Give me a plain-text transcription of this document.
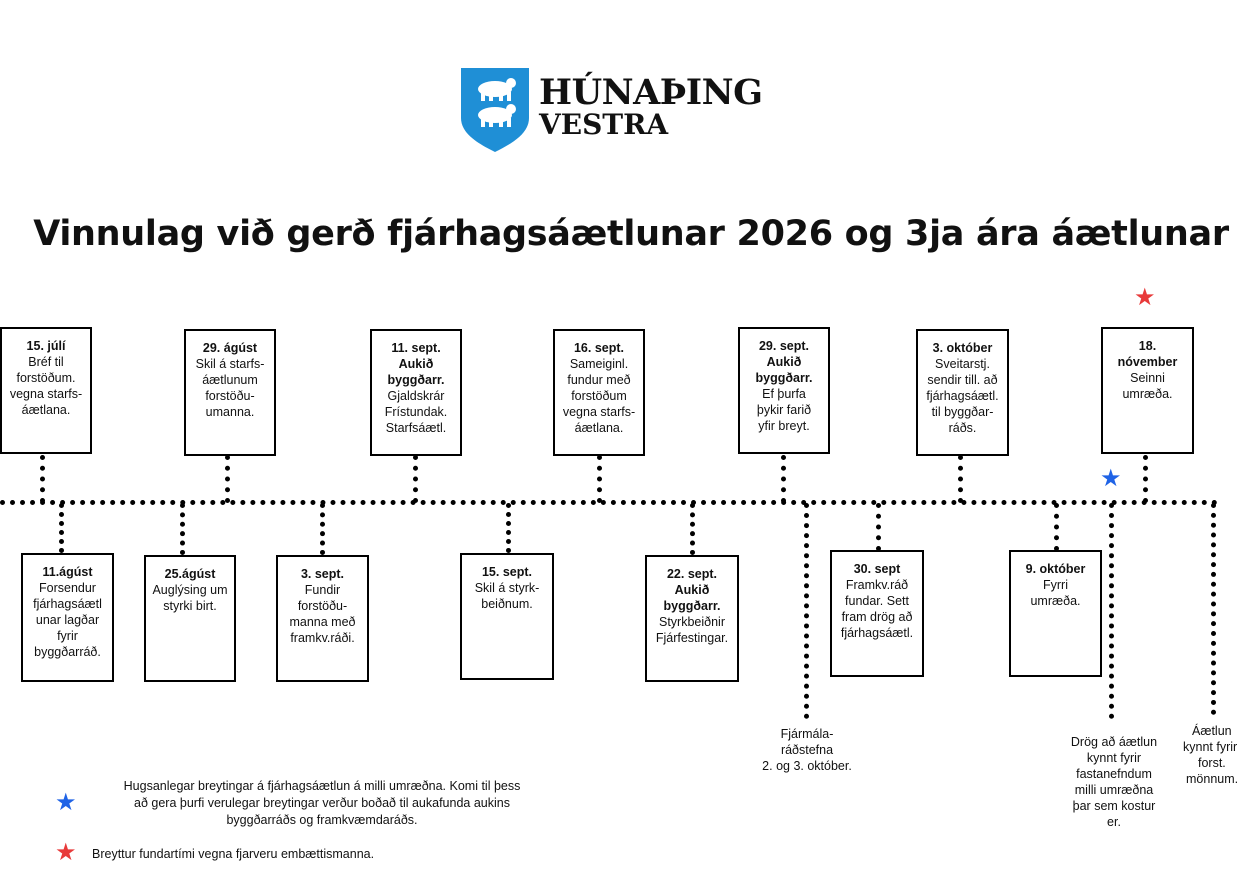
HÚNAÞING
VESTRA
Vinnulag við gerð fjárhagsáætlunar 2026 og 3ja ára áætlunar
15. júlí
Bréf til
forstöðum.
vegna starfs-
áætlana.
29. ágúst
Skil á starfs-
áætlunum
forstöðu-
umanna.
11. sept.
Aukið byggðarr.
Gjaldskrár
Frístundak.
Starfsáætl.
16. sept.
Sameiginl.
fundur með
forstöðum
vegna starfs-
áætlana.
29. sept.
Aukið byggðarr.
Ef þurfa
þykir farið
yfir breyt.
3. október
Sveitarstj.
sendir till. að
fjárhagsáætl.
til byggðar-
ráðs.
18. nóvember
Seinni
umræða.
11.ágúst
Forsendur
fjárhagsáætl
unar lagðar
fyrir
byggðarráð.
25.ágúst
Auglýsing um
styrki birt.
3. sept.
Fundir
forstöðu-
manna með
framkv.ráði.
15. sept.
Skil á styrk-
beiðnum.
22. sept.
Aukið byggðarr.
Styrkbeiðnir
Fjárfestingar.
30. sept
Framkv.ráð
fundar. Sett
fram drög að
fjárhagsáætl.
9. október
Fyrri
umræða.
★
★
Fjármála-
ráðstefna
2. og 3. október.
Drög að áætlun
kynnt fyrir
fastanefndum
milli umræðna
þar sem kostur
er.
Áætlun
kynnt fyrir
forst.
mönnum.
★
Hugsanlegar breytingar á fjárhagsáætlun á milli umræðna. Komi til þess
að gera þurfi verulegar breytingar verður boðað til aukafunda aukins
byggðarráðs og framkvæmdaráðs.
★ Breyttur fundartími vegna fjarveru embættismanna.
